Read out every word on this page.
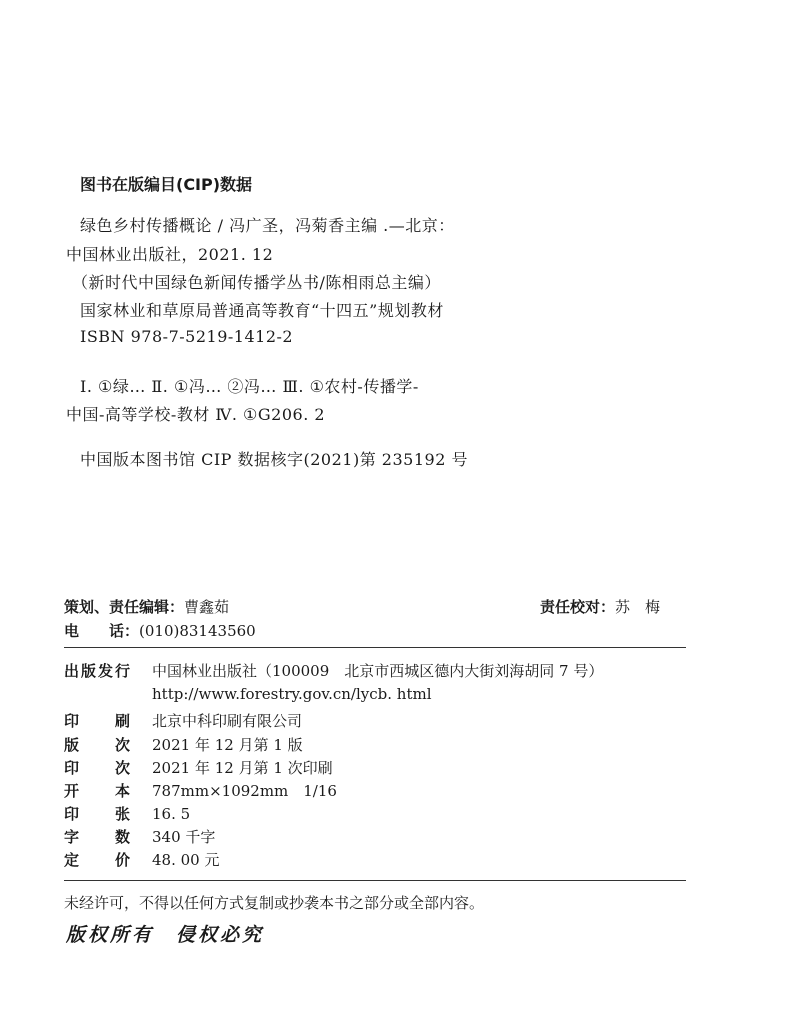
图书在版编目(CIP)数据
绿色乡村传播概论 / 冯广圣，冯菊香主编 .—北京：
中国林业出版社，2021. 12
（新时代中国绿色新闻传播学丛书/陈相雨总主编）
国家林业和草原局普通高等教育“十四五”规划教材
ISBN 978-7-5219-1412-2
Ⅰ. ①绿… Ⅱ. ①冯… ②冯… Ⅲ. ①农村-传播学-
中国-高等学校-教材 Ⅳ. ①G206. 2
中国版本图书馆 CIP 数据核字(2021)第 235192 号
策划、责任编辑：曹鑫茹	责任校对：苏　梅
电　　话：(010)83143560
出版发行 中国林业出版社（100009　北京市西城区德内大街刘海胡同 7 号）
http://www.forestry.gov.cn/lycb. html
印　　刷 北京中科印刷有限公司
版　　次 2021 年 12 月第 1 版
印　　次 2021 年 12 月第 1 次印刷
开　　本 787mm×1092mm　1/16
印　　张 16. 5
字　　数 340 千字
定　　价 48. 00 元
未经许可，不得以任何方式复制或抄袭本书之部分或全部内容。
版权所有　侵权必究
